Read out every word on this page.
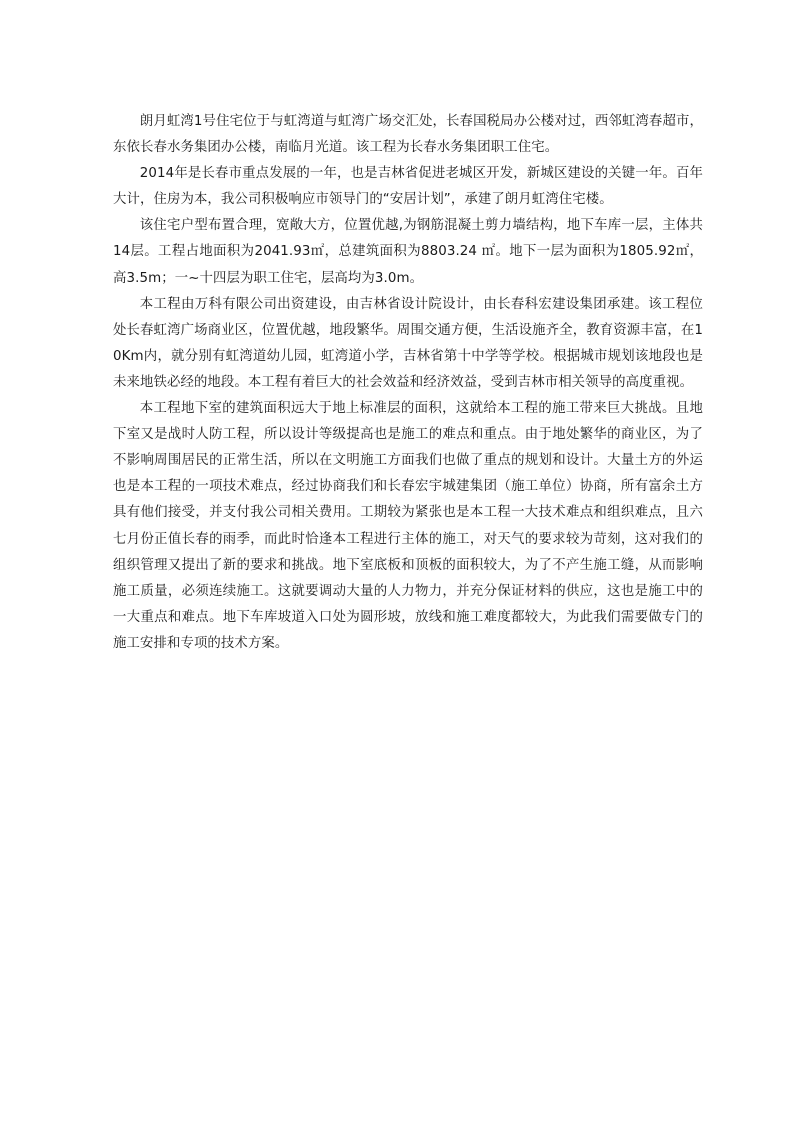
朗月虹湾1号住宅位于与虹湾道与虹湾广场交汇处，长春国税局办公楼对过，西邻虹湾春超市，东依长春水务集团办公楼，南临月光道。该工程为长春水务集团职工住宅。

2014年是长春市重点发展的一年，也是吉林省促进老城区开发，新城区建设的关键一年。百年大计，住房为本，我公司积极响应市领导门的“安居计划”，承建了朗月虹湾住宅楼。

该住宅户型布置合理，宽敞大方，位置优越,为钢筋混凝土剪力墙结构，地下车库一层，主体共14层。工程占地面积为2041.93㎡，总建筑面积为8803.24 ㎡。地下一层为面积为1805.92㎡，高3.5m；一~十四层为职工住宅，层高均为3.0m。

本工程由万科有限公司出资建设，由吉林省设计院设计，由长春科宏建设集团承建。该工程位处长春虹湾广场商业区，位置优越，地段繁华。周围交通方便，生活设施齐全，教育资源丰富，在10Km内，就分别有虹湾道幼儿园，虹湾道小学，吉林省第十中学等学校。根据城市规划该地段也是未来地铁必经的地段。本工程有着巨大的社会效益和经济效益，受到吉林市相关领导的高度重视。

本工程地下室的建筑面积远大于地上标准层的面积，这就给本工程的施工带来巨大挑战。且地下室又是战时人防工程，所以设计等级提高也是施工的难点和重点。由于地处繁华的商业区，为了不影响周围居民的正常生活，所以在文明施工方面我们也做了重点的规划和设计。大量土方的外运也是本工程的一项技术难点，经过协商我们和长春宏宇城建集团（施工单位）协商，所有富余土方具有他们接受，并支付我公司相关费用。工期较为紧张也是本工程一大技术难点和组织难点，且六七月份正值长春的雨季，而此时恰逢本工程进行主体的施工，对天气的要求较为苛刻，这对我们的组织管理又提出了新的要求和挑战。地下室底板和顶板的面积较大，为了不产生施工缝，从而影响施工质量，必须连续施工。这就要调动大量的人力物力，并充分保证材料的供应，这也是施工中的一大重点和难点。地下车库坡道入口处为圆形坡，放线和施工难度都较大，为此我们需要做专门的施工安排和专项的技术方案。
